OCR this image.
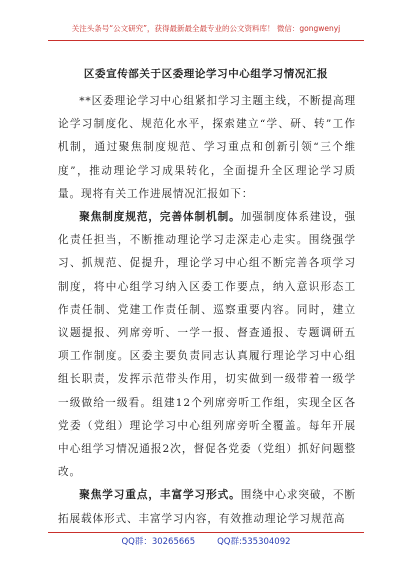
关注头条号“公文研究”，获得最新最全最专业的公文资料库！ 微信：gongwenyj
区委宣传部关于区委理论学习中心组学习情况汇报

**区委理论学习中心组紧扣学习主题主线，不断提高理论学习制度化、规范化水平，探索建立“学、研、转”工作机制，通过聚焦制度规范、学习重点和创新引领“三个维度”，推动理论学习成果转化，全面提升全区理论学习质量。现将有关工作进展情况汇报如下：

聚焦制度规范，完善体制机制。加强制度体系建设，强化责任担当，不断推动理论学习走深走心走实。围绕强学习、抓规范、促提升，理论学习中心组不断完善各项学习制度，将中心组学习纳入区委工作要点，纳入意识形态工作责任制、党建工作责任制、巡察重要内容。同时，建立议题提报、列席旁听、一学一报、督查通报、专题调研五项工作制度。区委主要负责同志认真履行理论学习中心组组长职责，发挥示范带头作用，切实做到一级带着一级学一级做给一级看。组建12个列席旁听工作组，实现全区各党委（党组）理论学习中心组列席旁听全覆盖。每年开展中心组学习情况通报2次，督促各党委（党组）抓好问题整改。

聚焦学习重点，丰富学习形式。围绕中心求突破，不断拓展载体形式、丰富学习内容，有效推动理论学习规范高

QQ群：30265665	QQ群:535304092
